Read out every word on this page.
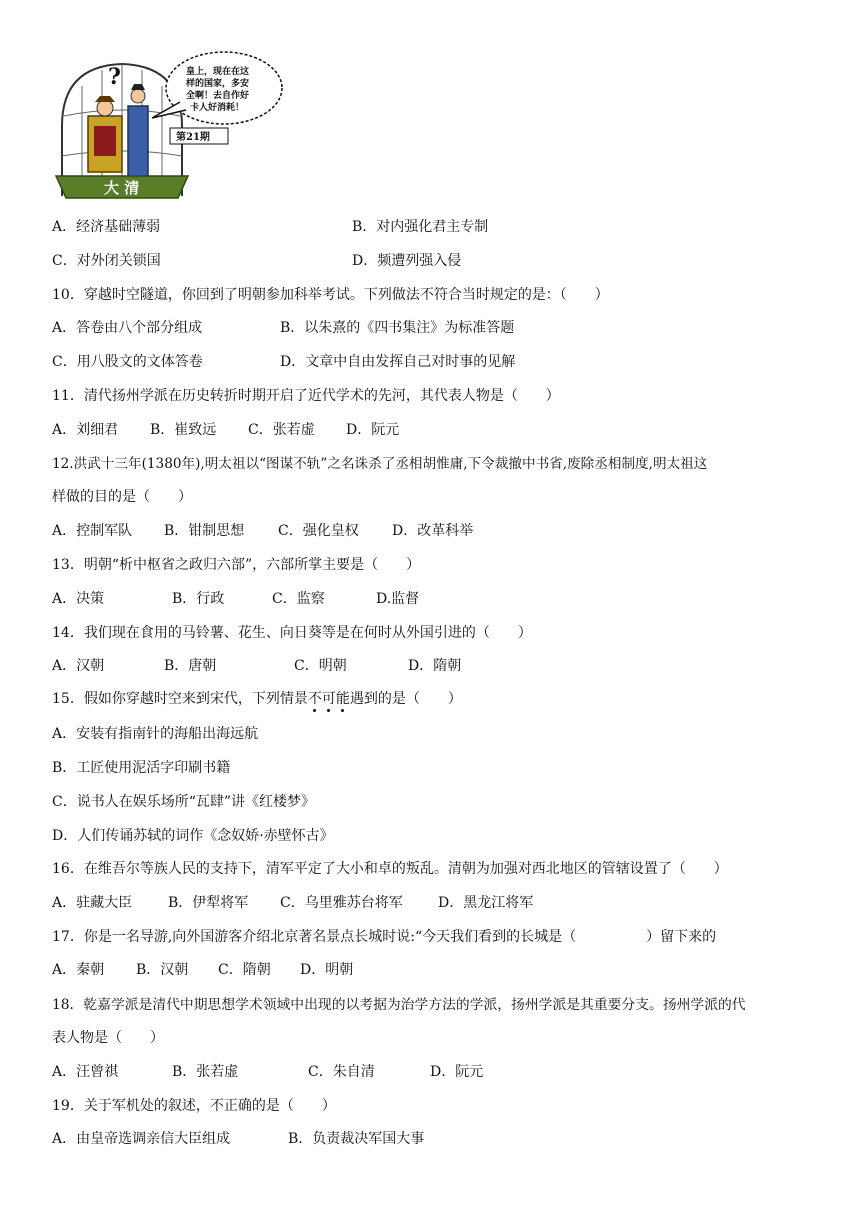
?
大 清
皇上，现在在这
样的国家，多安
全啊！去自作好
卡人好消耗！
第21期
A．经济基础薄弱	B．对内强化君主专制
C．对外闭关锁国	D．频遭列强入侵
10．穿越时空隧道，你回到了明朝参加科举考试。下列做法不符合当时规定的是：（　　）
A．答卷由八个部分组成	B．以朱熹的《四书集注》为标准答题
C．用八股文的文体答卷	D．文章中自由发挥自己对时事的见解
11．清代扬州学派在历史转折时期开启了近代学术的先河，其代表人物是（　　）
A．刘细君 B．崔致远 C．张若虚 D．阮元
12.洪武十三年(1380年),明太祖以“图谋不轨”之名诛杀了丞相胡惟庸,下令裁撤中书省,废除丞相制度,明太祖这
样做的目的是（　　）
A．控制军队 B．钳制思想 C．强化皇权 D．改革科举
13．明朝“析中枢省之政归六部”，六部所掌主要是（　　）
A．决策	B．行政	C．监察	D.监督
14．我们现在食用的马铃薯、花生、向日葵等是在何时从外国引进的（　　）
A．汉朝	B．唐朝	C．明朝	D．隋朝
15．假如你穿越时空来到宋代，下列情景不可能遇到的是（　　）
A．安装有指南针的海船出海远航
B．工匠使用泥活字印刷书籍
C．说书人在娱乐场所“瓦肆”讲《红楼梦》
D．人们传诵苏轼的词作《念奴娇·赤壁怀古》
16．在维吾尔等族人民的支持下，清军平定了大小和卓的叛乱。清朝为加强对西北地区的管辖设置了（　　）
A．驻藏大臣	B．伊犁将军 C．乌里雅苏台将军	D．黑龙江将军
17．你是一名导游,向外国游客介绍北京著名景点长城时说:“今天我们看到的长城是（　　　　　）留下来的
A．秦朝 B．汉朝 C．隋朝 D．明朝
18．乾嘉学派是清代中期思想学术领域中出现的以考据为治学方法的学派，扬州学派是其重要分支。扬州学派的代
表人物是（　　）
A．汪曾祺	B．张若虚	C．朱自清	D．阮元
19．关于军机处的叙述，不正确的是（　　）
A．由皇帝选调亲信大臣组成	B．负责裁决军国大事
